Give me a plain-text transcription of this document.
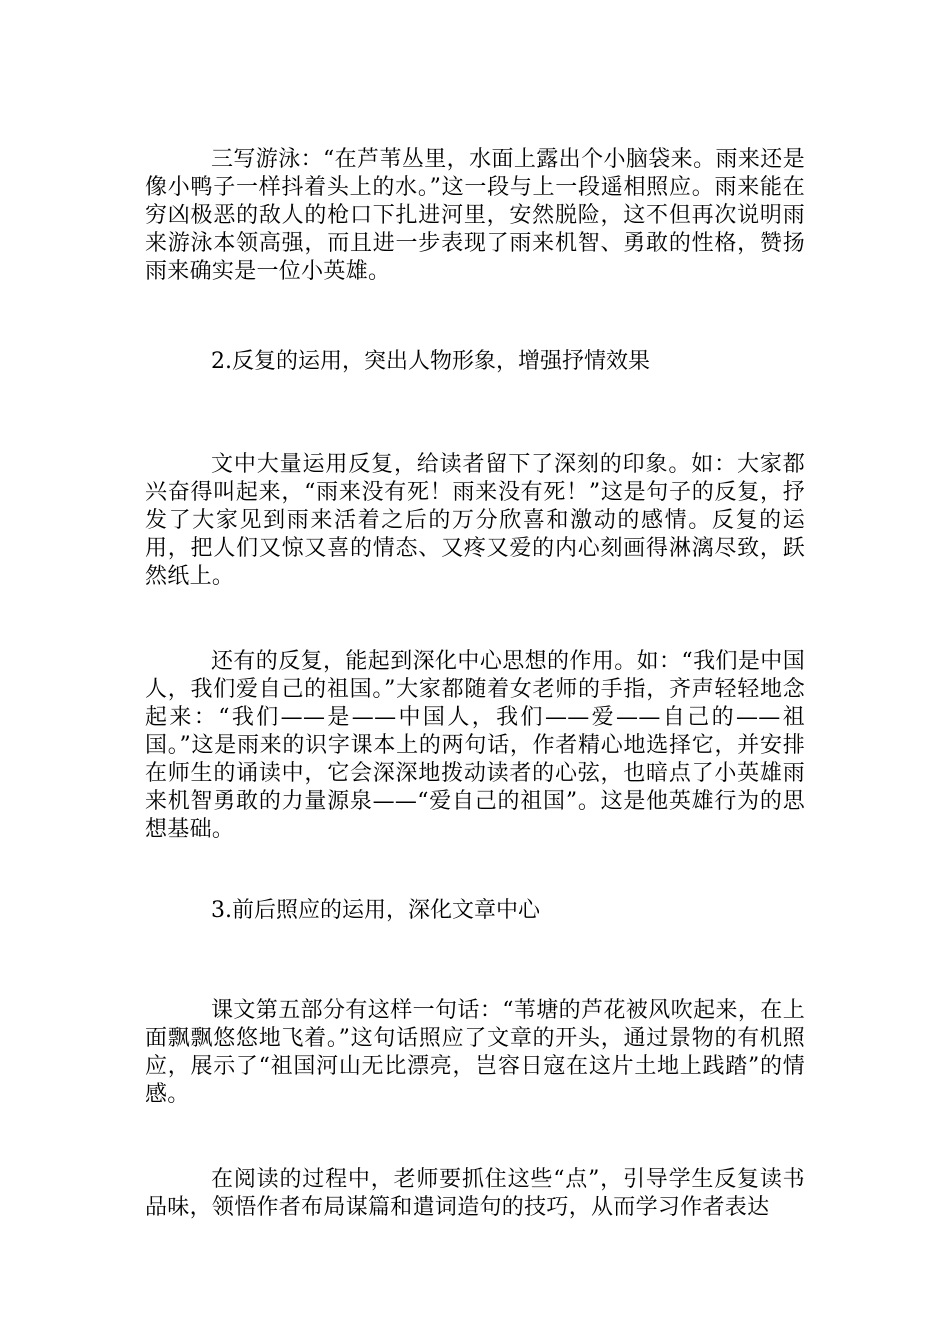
三写游泳：“在芦苇丛里，水面上露出个小脑袋来。雨来还是像小鸭子一样抖着头上的水。”这一段与上一段遥相照应。雨来能在穷凶极恶的敌人的枪口下扎进河里，安然脱险，这不但再次说明雨来游泳本领高强，而且进一步表现了雨来机智、勇敢的性格，赞扬雨来确实是一位小英雄。

2.反复的运用，突出人物形象，增强抒情效果

文中大量运用反复，给读者留下了深刻的印象。如：大家都兴奋得叫起来，“雨来没有死！雨来没有死！”这是句子的反复，抒发了大家见到雨来活着之后的万分欣喜和激动的感情。反复的运用，把人们又惊又喜的情态、又疼又爱的内心刻画得淋漓尽致，跃然纸上。

还有的反复，能起到深化中心思想的作用。如：“我们是中国人，我们爱自己的祖国。”大家都随着女老师的手指，齐声轻轻地念起来：“我们——是——中国人，我们——爱——自己的——祖国。”这是雨来的识字课本上的两句话，作者精心地选择它，并安排在师生的诵读中，它会深深地拨动读者的心弦，也暗点了小英雄雨来机智勇敢的力量源泉——“爱自己的祖国”。这是他英雄行为的思想基础。

3.前后照应的运用，深化文章中心

课文第五部分有这样一句话：“苇塘的芦花被风吹起来，在上面飘飘悠悠地飞着。”这句话照应了文章的开头，通过景物的有机照应，展示了“祖国河山无比漂亮，岂容日寇在这片土地上践踏”的情感。

在阅读的过程中，老师要抓住这些“点”，引导学生反复读书品味，领悟作者布局谋篇和遣词造句的技巧，从而学习作者表达
